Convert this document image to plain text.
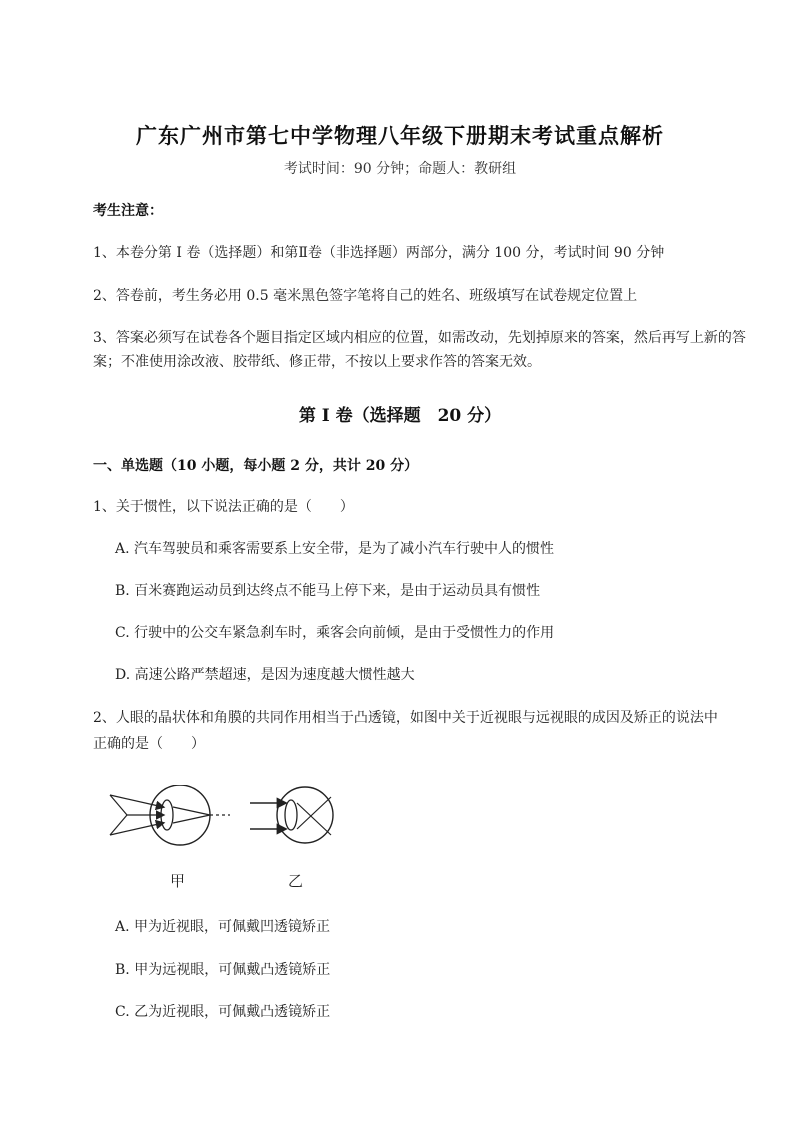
广东广州市第七中学物理八年级下册期末考试重点解析
考试时间：90 分钟；命题人：教研组
考生注意：
1、本卷分第 I 卷（选择题）和第Ⅱ卷（非选择题）两部分，满分 100 分，考试时间 90 分钟
2、答卷前，考生务必用 0.5 毫米黑色签字笔将自己的姓名、班级填写在试卷规定位置上
3、答案必须写在试卷各个题目指定区域内相应的位置，如需改动，先划掉原来的答案，然后再写上新的答案；不准使用涂改液、胶带纸、修正带，不按以上要求作答的答案无效。
第 I 卷（选择题　20 分）
一、单选题（10 小题，每小题 2 分，共计 20 分）
1、关于惯性，以下说法正确的是（　　）
A. 汽车驾驶员和乘客需要系上安全带，是为了减小汽车行驶中人的惯性
B. 百米赛跑运动员到达终点不能马上停下来，是由于运动员具有惯性
C. 行驶中的公交车紧急刹车时，乘客会向前倾，是由于受惯性力的作用
D. 高速公路严禁超速，是因为速度越大惯性越大
2、人眼的晶状体和角膜的共同作用相当于凸透镜，如图中关于近视眼与远视眼的成因及矫正的说法中
正确的是（　　）
甲	乙
A. 甲为近视眼，可佩戴凹透镜矫正
B. 甲为远视眼，可佩戴凸透镜矫正
C. 乙为近视眼，可佩戴凸透镜矫正
